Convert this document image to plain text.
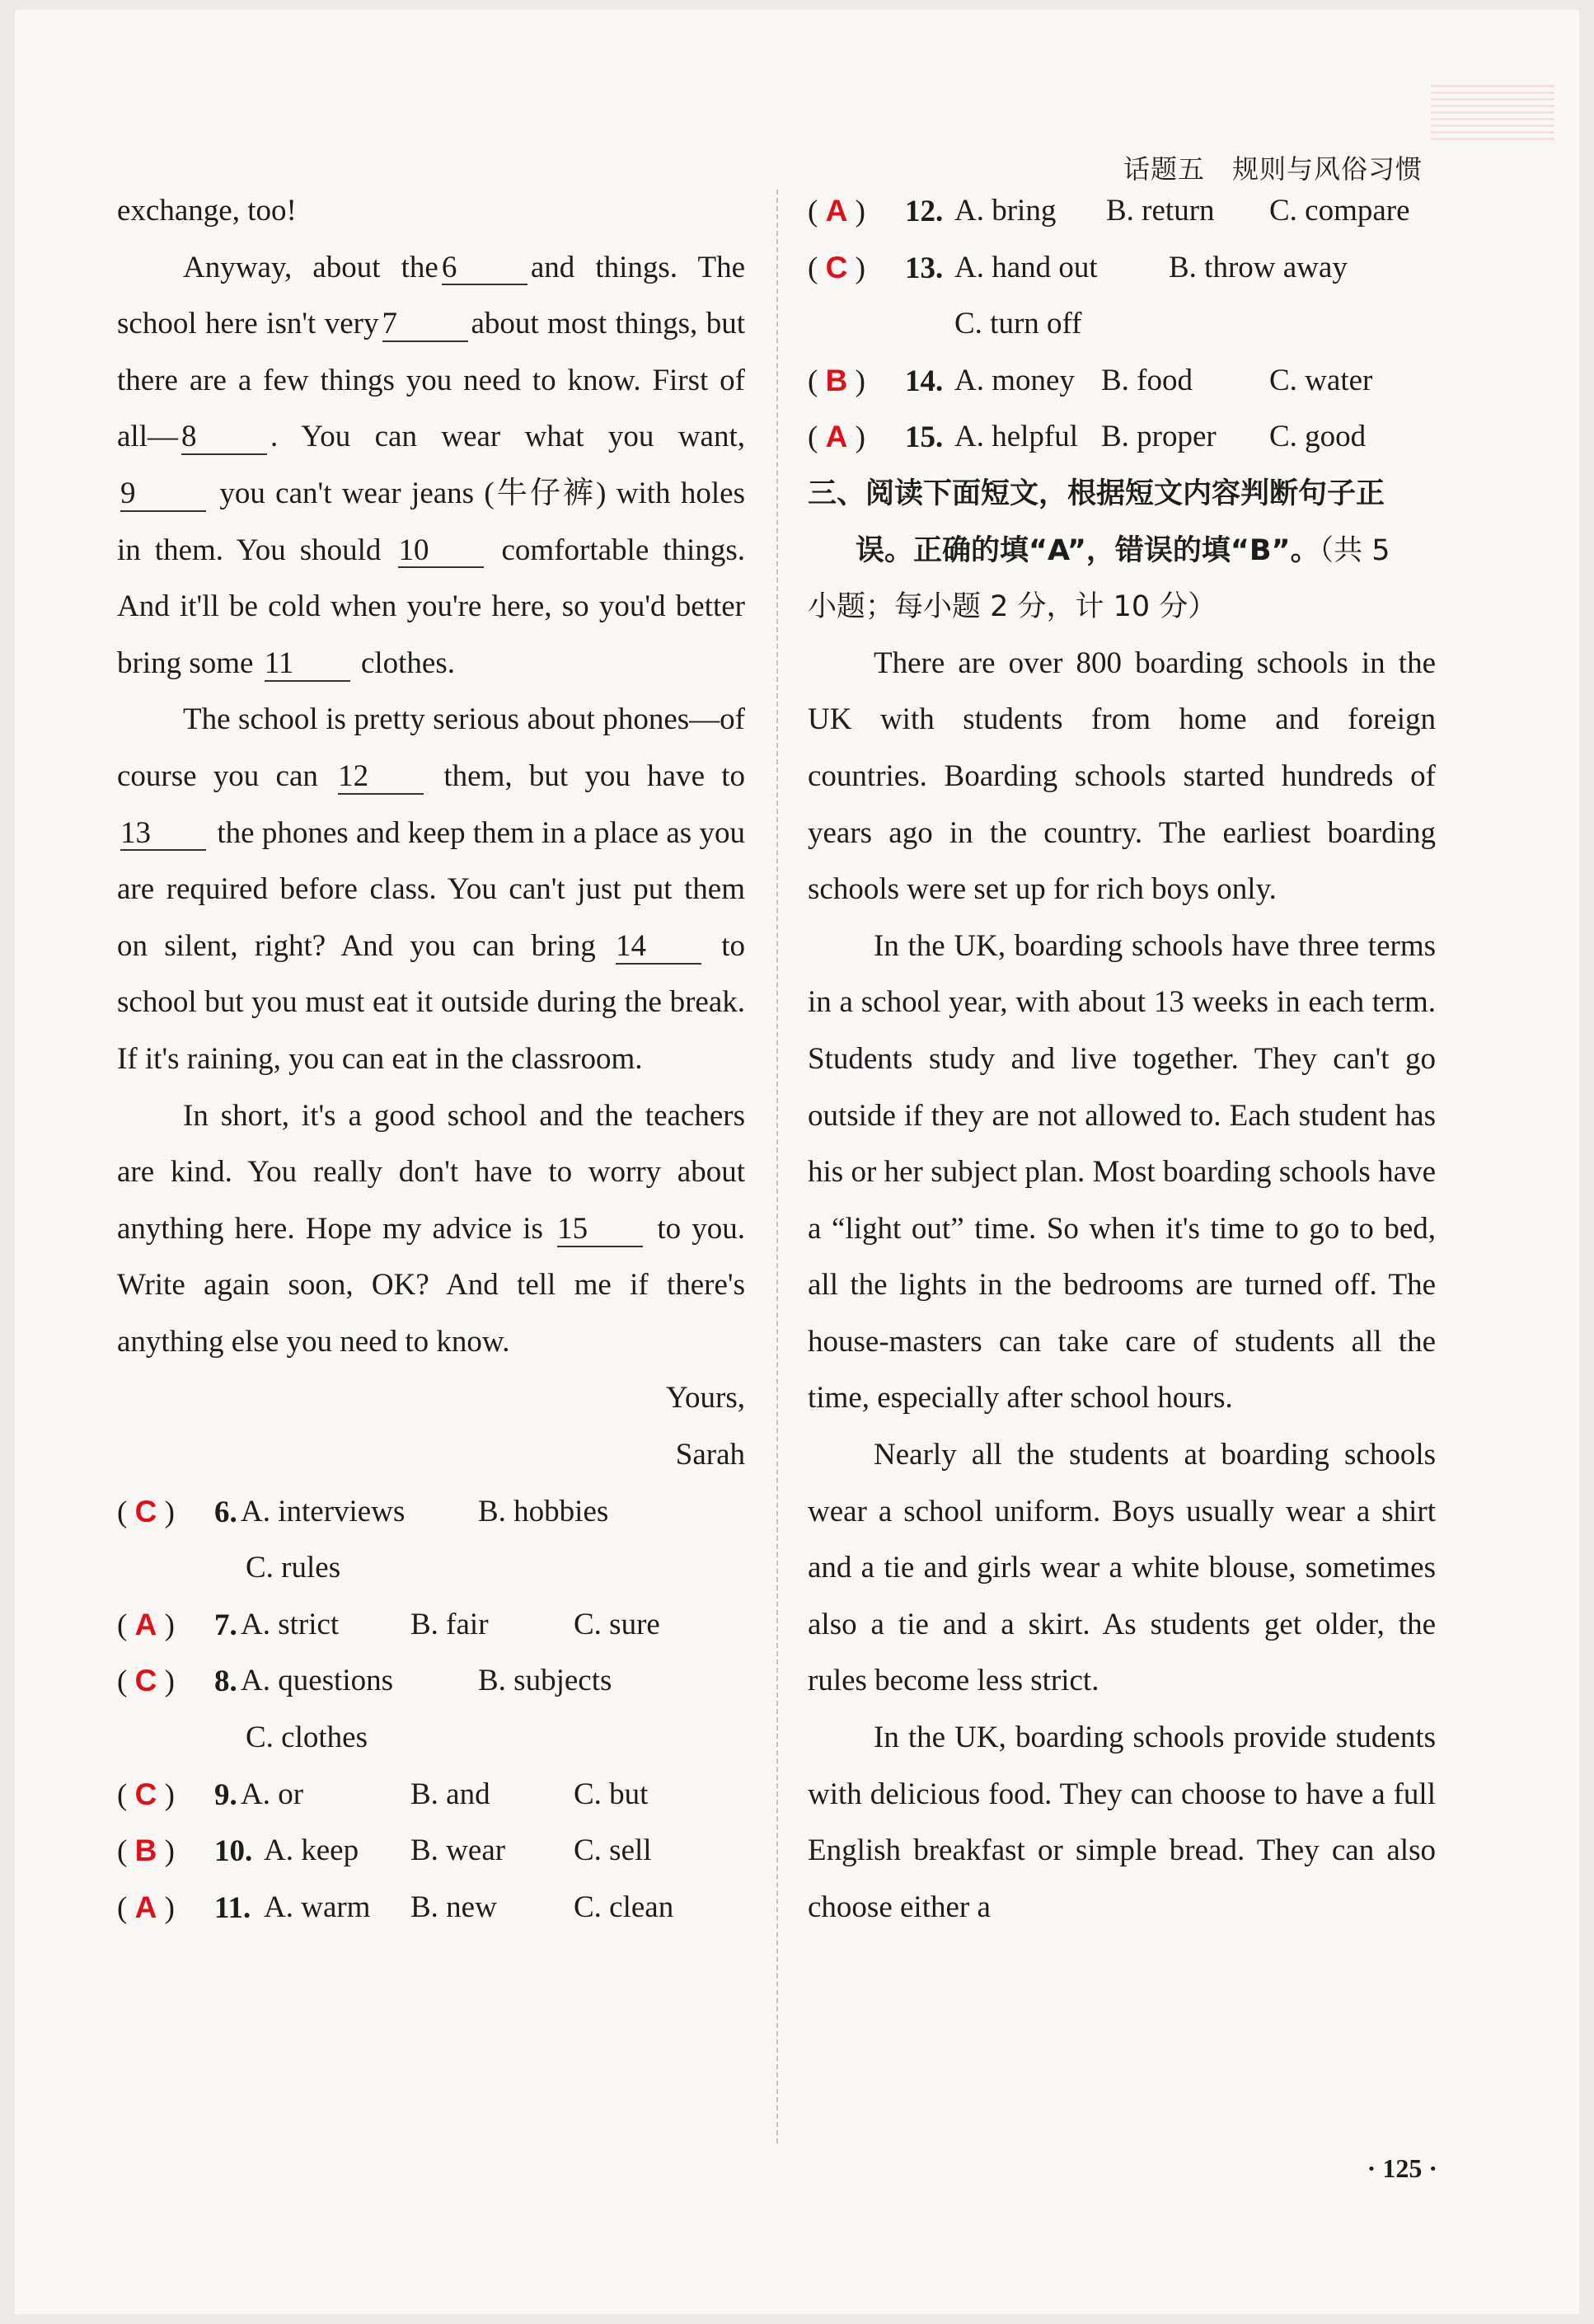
话题五　规则与风俗习惯

exchange, too!

Anyway, about the 6 and things. The school here isn't very 7 about most things, but there are a few things you need to know. First of all— 8 . You can wear what you want, 9	you can't wear jeans (牛仔裤) with holes in them. You should 10 comfortable things. And it'll be cold when you're here, so you'd better bring some 11 clothes.

The school is pretty serious about phones—of course you can 12 them, but you have to 13 the phones and keep them in a place as you are required before class. You can't just put them on silent, right? And you can bring 14 to school but you must eat it outside during the break. If it's raining, you can eat in the classroom.

In short, it's a good school and the teachers are kind. You really don't have to worry about anything here. Hope my advice is 15 to you. Write again soon, OK? And tell me if there's anything else you need to know.

Yours,

Sarah

( C ) 6. A. interviews B. hobbies
C. rules
( A ) 7. A. strict B. fair	C. sure
( C ) 8. A. questions	B. subjects
C. clothes
( C ) 9. A. or	B. and	C. but
( B ) 10. A. keep B. wear C. sell
( A ) 11. A. warm B. new	C. clean
( A ) 12. A. bring B. return C. compare
( C ) 13. A. hand out B. throw away
C. turn off
( B ) 14. A. money B. food	C. water
( A ) 15. A. helpful B. proper C. good

三、阅读下面短文，根据短文内容判断句子正
误。正确的填“A”，错误的填“B”。（共 5
小题；每小题 2 分，计 10 分）

There are over 800 boarding schools in the UK with students from home and foreign countries. Boarding schools started hundreds of years ago in the country. The earliest boarding schools were set up for rich boys only.

In the UK, boarding schools have three terms in a school year, with about 13 weeks in each term. Students study and live together. They can't go outside if they are not allowed to. Each student has his or her subject plan. Most boarding schools have a “light out” time. So when it's time to go to bed, all the lights in the bedrooms are turned off. The house-masters can take care of students all the time, especially after school hours.

Nearly all the students at boarding schools wear a school uniform. Boys usually wear a shirt and a tie and girls wear a white blouse, sometimes also a tie and a skirt. As students get older, the rules become less strict.

In the UK, boarding schools provide students with delicious food. They can choose to have a full English breakfast or simple bread. They can also choose either a

· 125 ·
